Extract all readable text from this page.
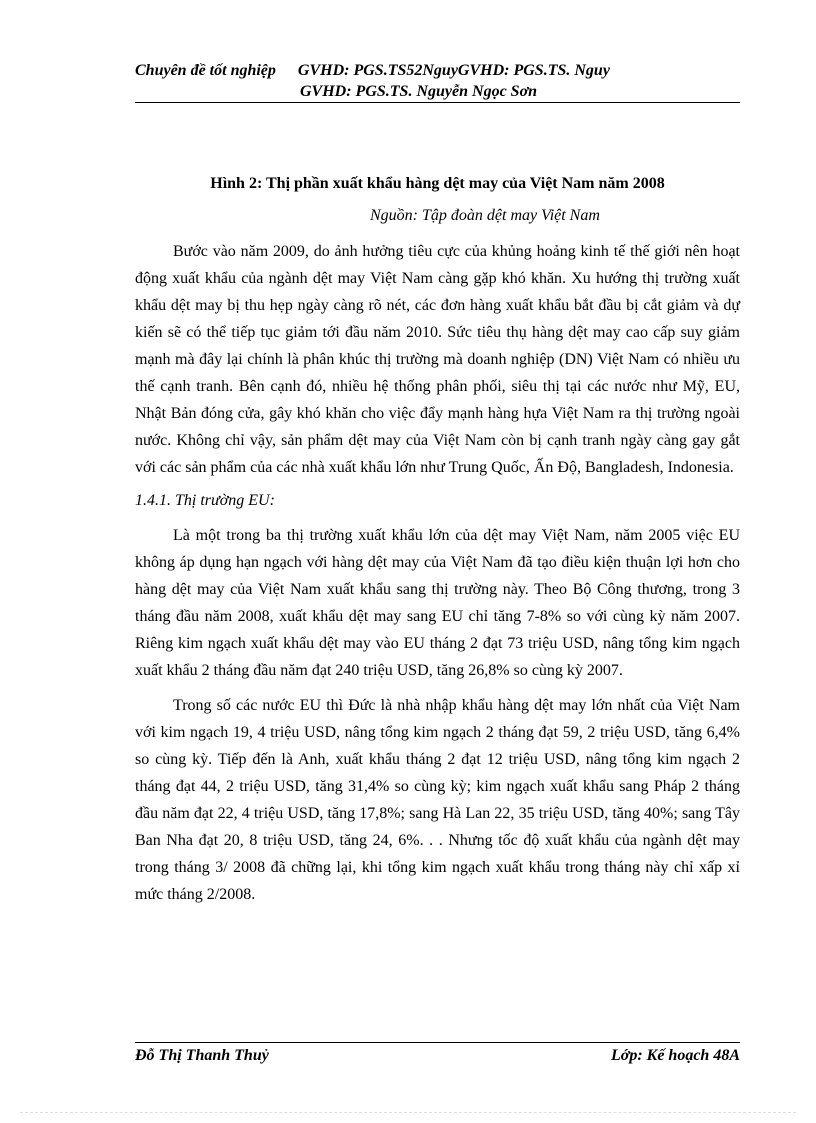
Chuyên đề tốt nghiệp GVHD: PGS.TS52NguyGVHD: PGS.TS. Nguy
GVHD: PGS.TS. Nguyễn Ngọc Sơn
Hình 2: Thị phần xuất khẩu hàng dệt may của Việt Nam năm 2008
Nguồn: Tập đoàn dệt may Việt Nam

Bước vào năm 2009, do ảnh hưởng tiêu cực của khủng hoảng kinh tế thế giới nên hoạt động xuất khẩu của ngành dệt may Việt Nam càng gặp khó khăn. Xu hướng thị trường xuất khẩu dệt may bị thu hẹp ngày càng rõ nét, các đơn hàng xuất khẩu bắt đầu bị cắt giảm và dự kiến sẽ có thể tiếp tục giảm tới đầu năm 2010. Sức tiêu thụ hàng dệt may cao cấp suy giảm mạnh mà đây lại chính là phân khúc thị trường mà doanh nghiệp (DN) Việt Nam có nhiều ưu thế cạnh tranh. Bên cạnh đó, nhiều hệ thống phân phối, siêu thị tại các nước như Mỹ, EU, Nhật Bản đóng cửa, gây khó khăn cho việc đẩy mạnh hàng hựa Việt Nam ra thị trường ngoài nước. Không chỉ vậy, sản phẩm dệt may của Việt Nam còn bị cạnh tranh ngày càng gay gắt với các sản phẩm của các nhà xuất khẩu lớn như Trung Quốc, Ấn Độ, Bangladesh, Indonesia.

1.4.1. Thị trường EU:

Là một trong ba thị trường xuất khẩu lớn của dệt may Việt Nam, năm 2005 việc EU không áp dụng hạn ngạch với hàng dệt may của Việt Nam đã tạo điều kiện thuận lợi hơn cho hàng dệt may của Việt Nam xuất khẩu sang thị trường này. Theo Bộ Công thương, trong 3 tháng đầu năm 2008, xuất khẩu dệt may sang EU chỉ tăng 7-8% so với cùng kỳ năm 2007. Riêng kim ngạch xuất khẩu dệt may vào EU tháng 2 đạt 73 triệu USD, nâng tổng kim ngạch xuất khẩu 2 tháng đầu năm đạt 240 triệu USD, tăng 26,8% so cùng kỳ 2007.

Trong số các nước EU thì Đức là nhà nhập khẩu hàng dệt may lớn nhất của Việt Nam với kim ngạch 19, 4 triệu USD, nâng tổng kim ngạch 2 tháng đạt 59, 2 triệu USD, tăng 6,4% so cùng kỳ. Tiếp đến là Anh, xuất khẩu tháng 2 đạt 12 triệu USD, nâng tổng kim ngạch 2 tháng đạt 44, 2 triệu USD, tăng 31,4% so cùng kỳ; kim ngạch xuất khẩu sang Pháp 2 tháng đầu năm đạt 22, 4 triệu USD, tăng 17,8%; sang Hà Lan 22, 35 triệu USD, tăng 40%; sang Tây Ban Nha đạt 20, 8 triệu USD, tăng 24, 6%. . . Nhưng tốc độ xuất khẩu của ngành dệt may trong tháng 3/ 2008 đã chững lại, khi tổng kim ngạch xuất khẩu trong tháng này chỉ xấp xỉ mức tháng 2/2008.

Đỗ Thị Thanh Thuỷ	Lớp: Kế hoạch 48A
